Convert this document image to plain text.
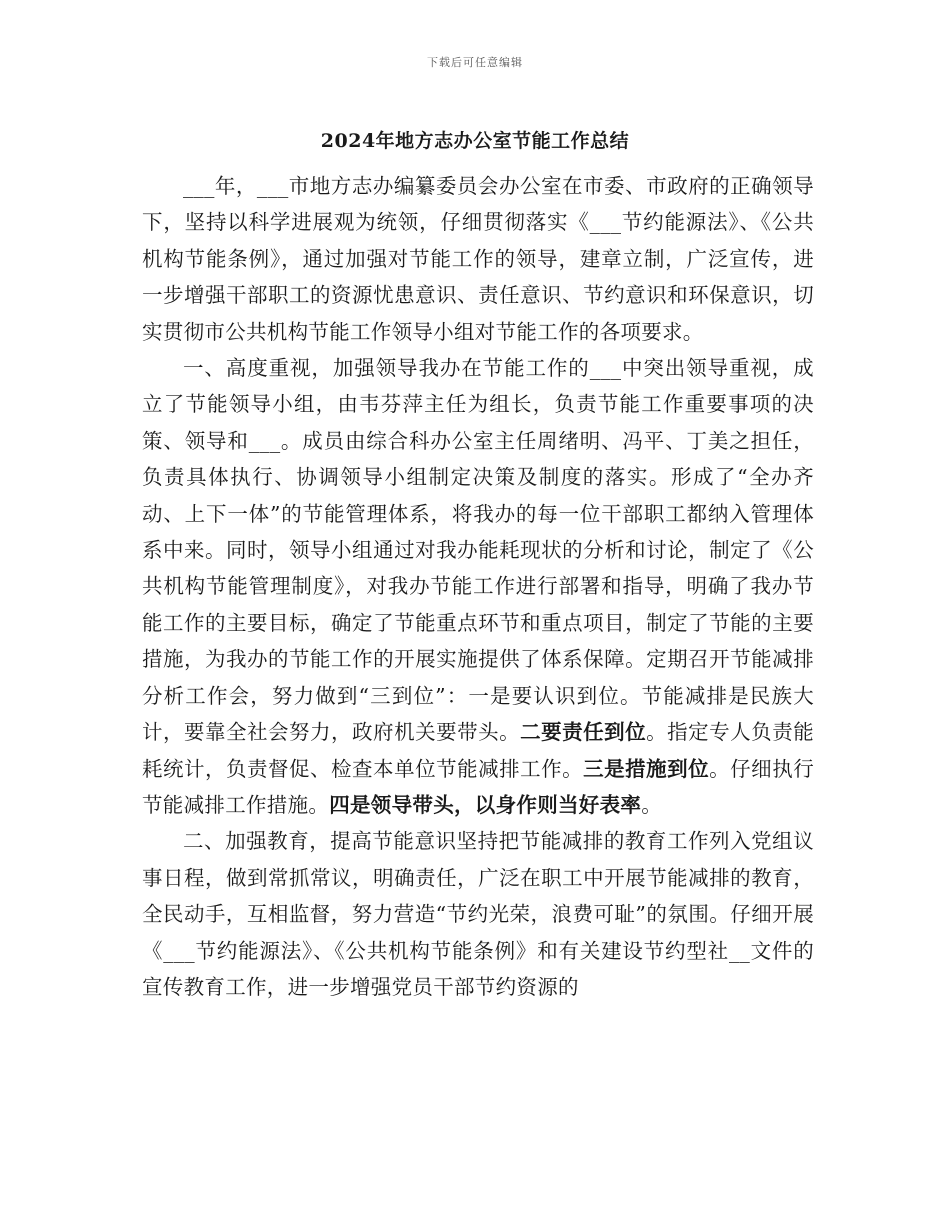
下载后可任意编辑
2024年地方志办公室节能工作总结

___年，___市地方志办编纂委员会办公室在市委、市政府的正确领导下，坚持以科学进展观为统领，仔细贯彻落实《___节约能源法》、《公共机构节能条例》，通过加强对节能工作的领导，建章立制，广泛宣传，进一步增强干部职工的资源忧患意识、责任意识、节约意识和环保意识，切实贯彻市公共机构节能工作领导小组对节能工作的各项要求。

一、高度重视，加强领导我办在节能工作的___中突出领导重视，成立了节能领导小组，由韦芬萍主任为组长，负责节能工作重要事项的决策、领导和___。成员由综合科办公室主任周绪明、冯平、丁美之担任，负责具体执行、协调领导小组制定决策及制度的落实。形成了“全办齐动、上下一体”的节能管理体系，将我办的每一位干部职工都纳入管理体系中来。同时，领导小组通过对我办能耗现状的分析和讨论，制定了《公共机构节能管理制度》，对我办节能工作进行部署和指导，明确了我办节能工作的主要目标，确定了节能重点环节和重点项目，制定了节能的主要措施，为我办的节能工作的开展实施提供了体系保障。定期召开节能减排分析工作会，努力做到“三到位”：一是要认识到位。节能减排是民族大计，要靠全社会努力，政府机关要带头。二要责任到位。指定专人负责能耗统计，负责督促、检查本单位节能减排工作。三是措施到位。仔细执行节能减排工作措施。四是领导带头，以身作则当好表率。

二、加强教育，提高节能意识坚持把节能减排的教育工作列入党组议事日程，做到常抓常议，明确责任，广泛在职工中开展节能减排的教育，全民动手，互相监督，努力营造“节约光荣，浪费可耻”的氛围。仔细开展《___节约能源法》、《公共机构节能条例》和有关建设节约型社__文件的宣传教育工作，进一步增强党员干部节约资源的
